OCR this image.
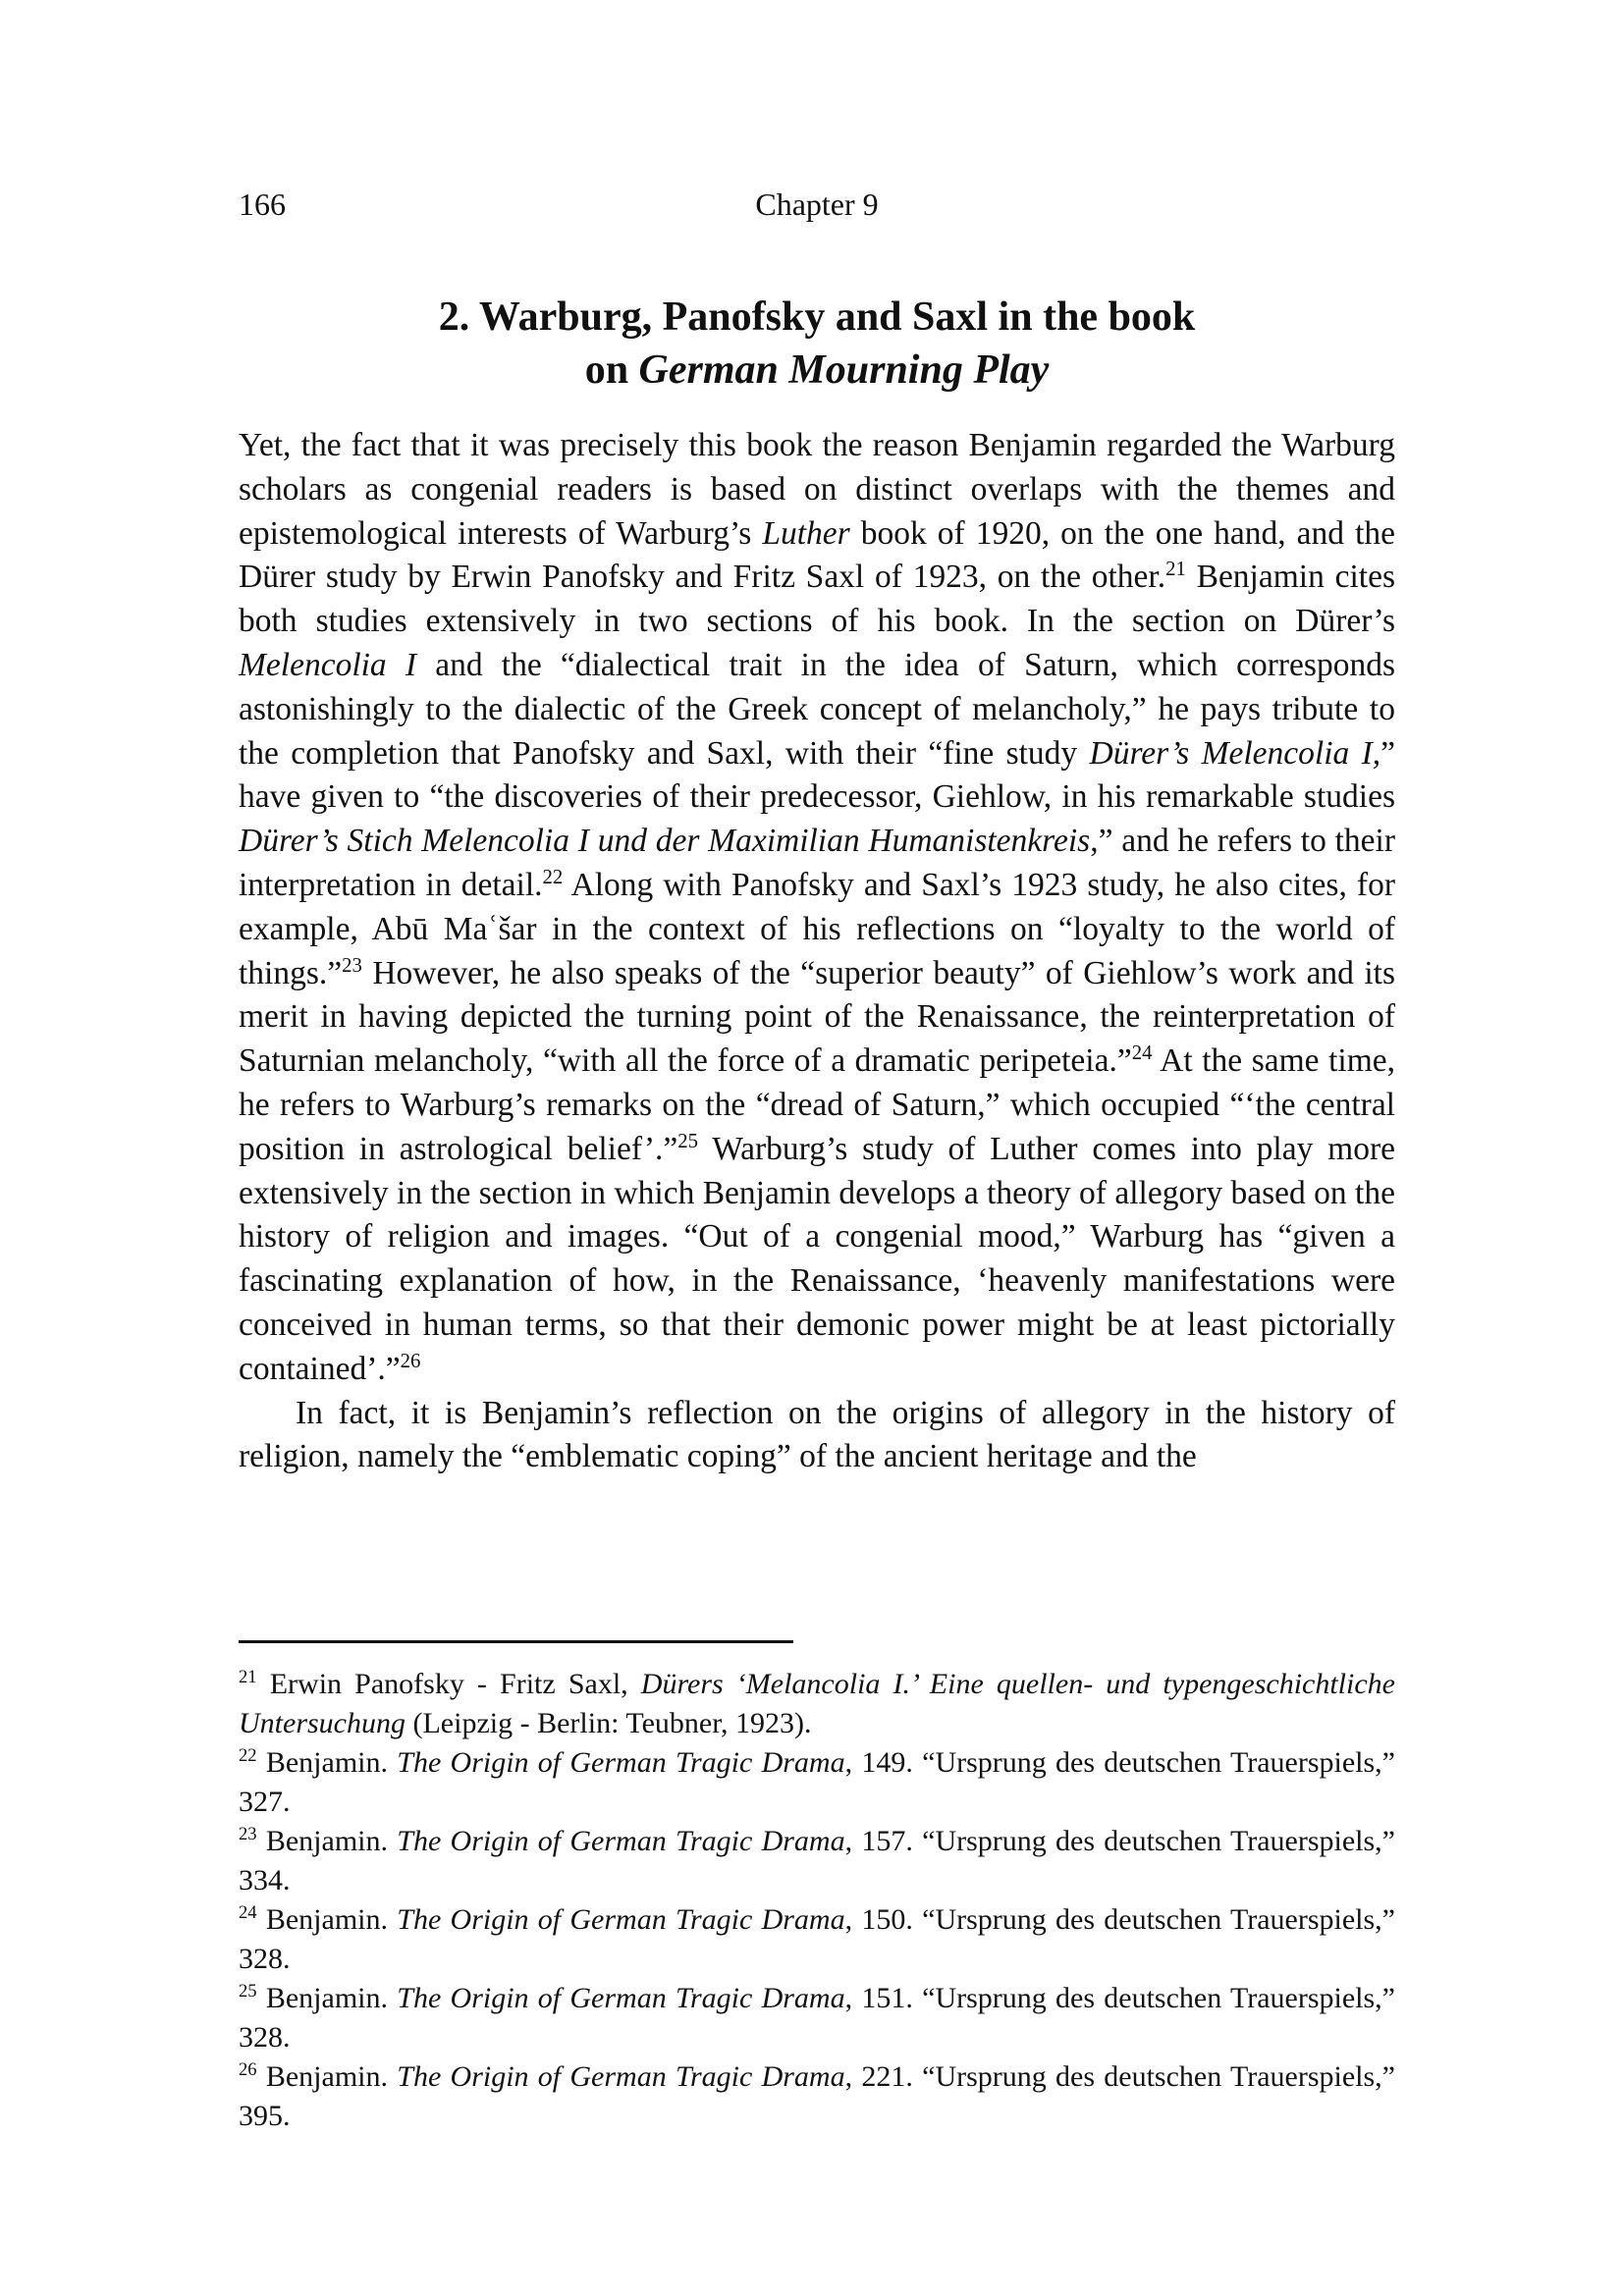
166	Chapter 9
2. Warburg, Panofsky and Saxl in the book
on German Mourning Play

Yet, the fact that it was precisely this book the reason Benjamin regarded the Warburg scholars as congenial readers is based on distinct overlaps with the themes and epistemological interests of Warburg’s Luther book of 1920, on the one hand, and the Dürer study by Erwin Panofsky and Fritz Saxl of 1923, on the other.$^{21}$ Benjamin cites both studies extensively in two sections of his book. In the section on Dürer’s Melencolia I and the “dialectical trait in the idea of Saturn, which corresponds astonishingly to the dialectic of the Greek concept of melancholy,” he pays tribute to the completion that Panofsky and Saxl, with their “fine study Dürer’s Melencolia I,” have given to “the discoveries of their predecessor, Giehlow, in his remarkable studies Dürer’s Stich Melencolia I und der Maximilian Humanistenkreis,” and he refers to their interpretation in detail.$^{22}$ Along with Panofsky and Saxl’s 1923 study, he also cites, for example, Abū Maʿšar in the context of his reflections on “loyalty to the world of things.”$^{23}$ However, he also speaks of the “superior beauty” of Giehlow’s work and its merit in having depicted the turning point of the Renaissance, the reinterpretation of Saturnian melancholy, “with all the force of a dramatic peripeteia.”$^{24}$ At the same time, he refers to Warburg’s remarks on the “dread of Saturn,” which occupied “‘the central position in astrological belief’.”$^{25}$ Warburg’s study of Luther comes into play more extensively in the section in which Benjamin develops a theory of allegory based on the history of religion and images. “Out of a congenial mood,” Warburg has “given a fascinating explanation of how, in the Renaissance, ‘heavenly manifestations were conceived in human terms, so that their demonic power might be at least pictorially contained’.”$^{26}$

In fact, it is Benjamin’s reflection on the origins of allegory in the history of religion, namely the “emblematic coping” of the ancient heritage and the

$^{21}$ Erwin Panofsky - Fritz Saxl, Dürers ‘Melancolia I.’ Eine quellen- und typengeschichtliche Untersuchung (Leipzig - Berlin: Teubner, 1923).

$^{22}$ Benjamin. The Origin of German Tragic Drama, 149. “Ursprung des deutschen Trauerspiels,” 327.

$^{23}$ Benjamin. The Origin of German Tragic Drama, 157. “Ursprung des deutschen Trauerspiels,” 334.

$^{24}$ Benjamin. The Origin of German Tragic Drama, 150. “Ursprung des deutschen Trauerspiels,” 328.

$^{25}$ Benjamin. The Origin of German Tragic Drama, 151. “Ursprung des deutschen Trauerspiels,” 328.

$^{26}$ Benjamin. The Origin of German Tragic Drama, 221. “Ursprung des deutschen Trauerspiels,” 395.
